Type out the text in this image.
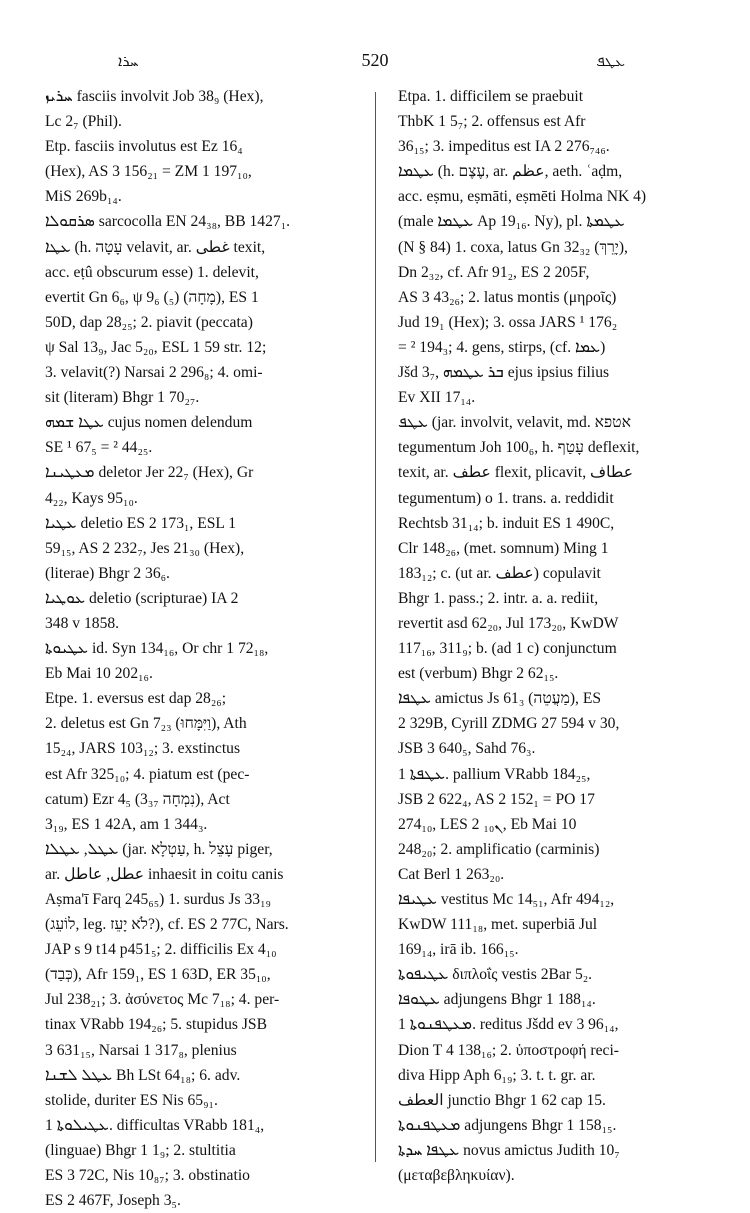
ܚܪܐ	520	ܥܛܦ
ܚܪܝܙ fasciis involvit Job 38₉ (Hex),
Lc 2₇ (Phil).
Etp. fasciis involutus est Ez 16₄
(Hex), AS 3 156₂₁ = ZM 1 197₁₀,
MiS 269b₁₄.
ܣܪܩܘܠܐ sarcocolla EN 24₃₈, BB 1427₁.
ܥܛܐ (h. עָטָה velavit, ar. غطى texit,
acc. eṭû obscurum esse) 1. delevit,
evertit Gn 6₆, ψ 9₆ (₅) (מָחָה), ES 1
50D, dap 28₂₅; 2. piavit (peccata)
ψ Sal 13₉, Jac 5₂₀, ESL 1 59 str. 12;
3. velavit(?) Narsai 2 296₈; 4. omi-
sit (literam) Bhgr 1 70₂₇.
ܥܛܐ ܫܡܗ cujus nomen delendum
SE ¹ 67₅ = ² 44₂₅.
ܡܥܛܝܢܐ deletor Jer 22₇ (Hex), Gr
4₂₂, Kays 95₁₀.
ܥܛܝܐ deletio ES 2 173₁, ESL 1
59₁₅, AS 2 232₇, Jes 21₃₀ (Hex),
(literae) Bhgr 2 36₆.
ܥܘܛܝܐ deletio (scripturae) IA 2
348 v 1858.
ܥܛܝܘܬܐ id. Syn 134₁₆, Or chr 1 72₁₈,
Eb Mai 10 202₁₆.
Etpe. 1. eversus est dap 28₂₆;
2. deletus est Gn 7₂₃ (וַיִּמָּחוּ), Ath
15₂₄, JARS 103₁₂; 3. exstinctus
est Afr 325₁₀; 4. piatum est (pec-
catum) Ezr 4₅ (3₃₇ נִמְחָה), Act
3₁₉, ES 1 42A, am 1 344₃.
ܥܛܠ, ܥܛܠܐ (jar. עַטְלָא, h. עָצֵל piger,
ar. عطل, عاطل inhaesit in coitu canis
Aṣma'ī Farq 245₆₅) 1. surdus Js 33₁₉
(לוֹעֵג, leg. לֹא יָעֵז?), cf. ES 2 77C, Nars.
JAP s 9 t14 p451₅; 2. difficilis Ex 4₁₀
(כְּבַד), Afr 159₁, ES 1 63D, ER 35₁₀,
Jul 238₂₁; 3. ἀσύνετος Mc 7₁₈; 4. per-
tinax VRabb 194₂₆; 5. stupidus JSB
3 631₁₅, Narsai 1 317₈, plenius
ܥܛܠ ܠܫܢܐ Bh LSt 64₁₈; 6. adv.
stolide, duriter ES Nis 65₉₁.
ܥܛܝܠܘܬܐ 1. difficultas VRabb 181₄,
(linguae) Bhgr 1 1₉; 2. stultitia
ES 3 72C, Nis 10₈₇; 3. obstinatio
ES 2 467F, Joseph 3₅.
Etpa. 1. difficilem se praebuit
ThbK 1 5₇; 2. offensus est Afr
36₁₅; 3. impeditus est IA 2 276₇₄₆.
ܥܛܡܐ (h. עֶצֶם, ar. عظم, aeth. ʿaḍm,
acc. eṣmu, eṣmāti, eṣmēti Holma NK 4)
(male ܥܛܡܐ Ap 19₁₆. Ny), pl. ܥܛܡܬܐ
(N § 84) 1. coxa, latus Gn 32₃₂ (יָרֵךְ),
Dn 2₃₂, cf. Afr 91₂, ES 2 205F,
AS 3 43₂₆; 2. latus montis (μηροῖς)
Jud 19₁ (Hex); 3. ossa JARS ¹ 176₂
= ² 194₃; 4. gens, stirps, (cf. ܥܡܐ)
Jšd 3₇, ܒܪ ܥܛܡܗ ejus ipsius filius
Ev XII 17₁₄.
ܥܛܦ (jar. involvit, velavit, md. אטפא
tegumentum Joh 100₆, h. עָטַף deflexit,
texit, ar. عطف flexit, plicavit, عطاف
tegumentum) o 1. trans. a. reddidit
Rechtsb 31₁₄; b. induit ES 1 490C,
Clr 148₂₆, (met. somnum) Ming 1
183₁₂; c. (ut ar. عطف) copulavit
Bhgr 1. pass.; 2. intr. a. a. rediit,
revertit asd 62₂₀, Jul 173₂₀, KwDW
117₁₆, 311₉; b. (ad 1 c) conjunctum
est (verbum) Bhgr 2 62₁₅.
ܥܛܦܐ amictus Js 61₃ (מַעֲטֵה), ES
2 329B, Cyrill ZDMG 27 594 v 30,
JSB 3 640₅, Sahd 76₃.
ܥܛܦܬܐ 1. pallium VRabb 184₂₅,
JSB 2 622₄, AS 2 152₁ = PO 17
274₁₀, LES 2 ܢ₁₀, Eb Mai 10
248₂₀; 2. amplificatio (carminis)
Cat Berl 1 263₂₀.
ܥܛܝܦܐ vestitus Mc 14₅₁, Afr 494₁₂,
KwDW 111₁₈, met. superbiā Jul
169₁₄, irā ib. 166₁₅.
ܥܛܝܦܘܬܐ διπλοΐς vestis 2Bar 5₂.
ܥܛܘܦܐ adjungens Bhgr 1 188₁₄.
ܡܥܛܦܢܘܬܐ 1. reditus Jšdd ev 3 96₁₄,
Dion T 4 138₁₆; 2. ὑποστροφή reci-
diva Hipp Aph 6₁₉; 3. t. t. gr. ar.
العطف junctio Bhgr 1 62 cap 15.
ܡܥܛܦܢܘܬܐ adjungens Bhgr 1 158₁₅.
ܥܛܦܐ ܚܕܬܐ novus amictus Judith 10₇
(μεταβεβληκυίαν).
